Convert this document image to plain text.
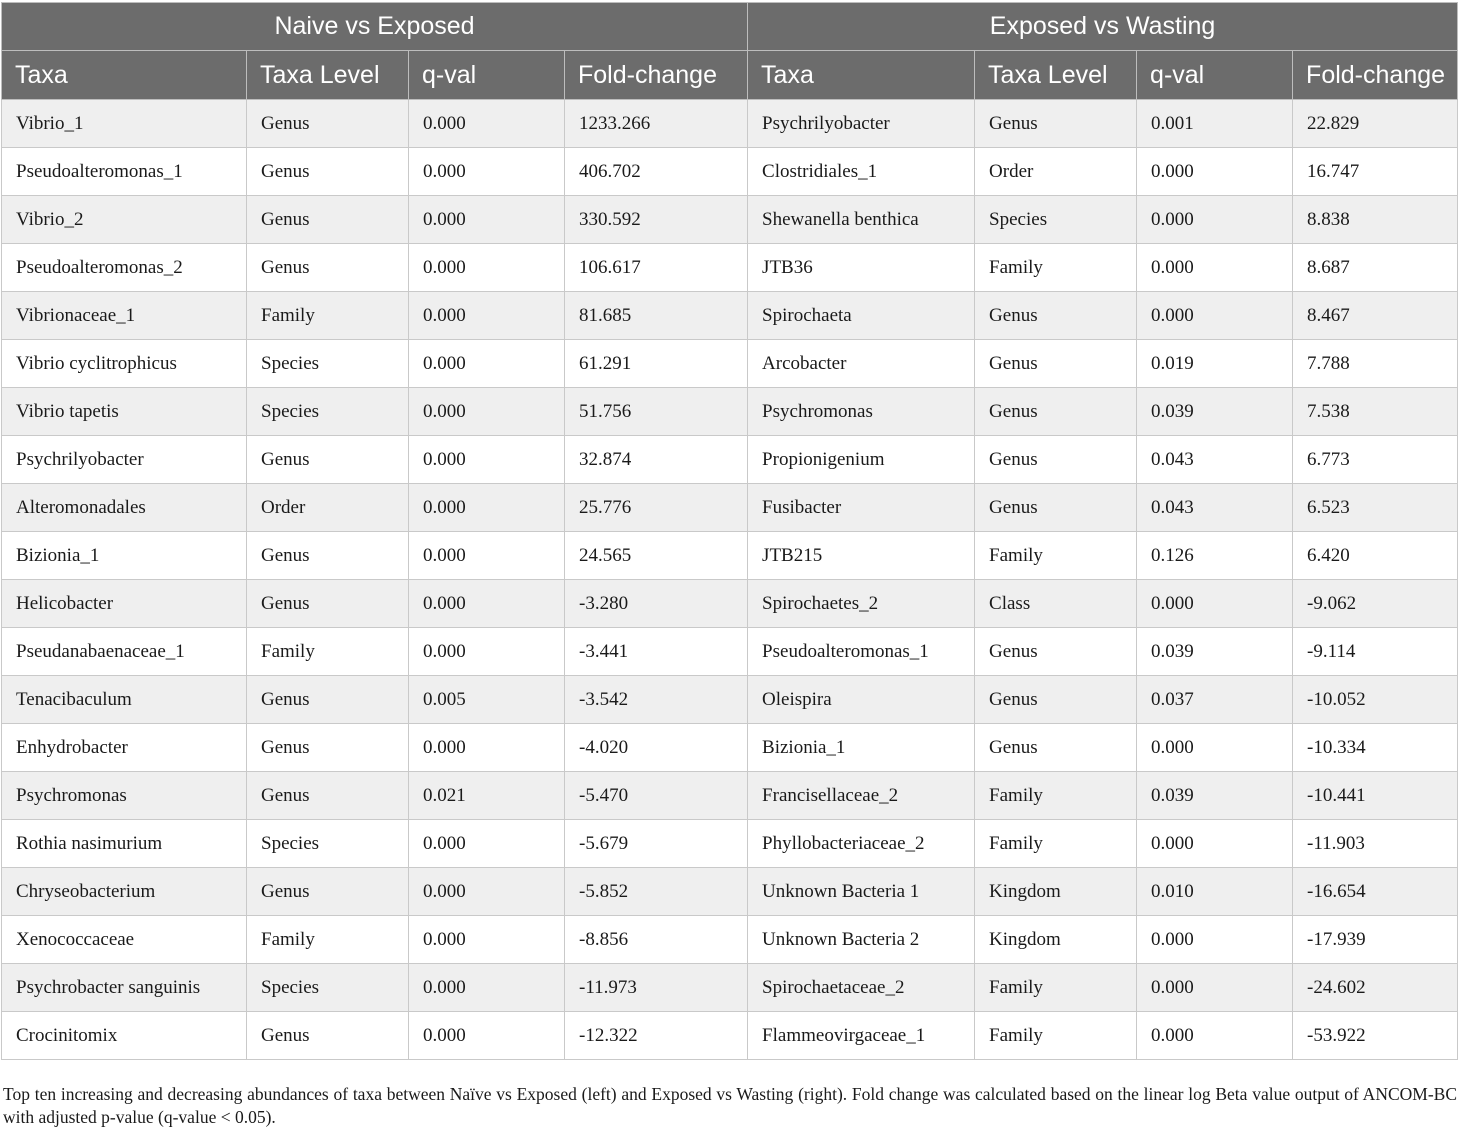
Naive vs Exposed				Exposed vs Wasting			
Taxa	Taxa Level	q-val	Fold-change	Taxa	Taxa Level	q-val	Fold-change
Vibrio_1	Genus	0.000	1233.266	Psychrilyobacter	Genus	0.001	22.829
Pseudoalteromonas_1	Genus	0.000	406.702	Clostridiales_1	Order	0.000	16.747
Vibrio_2	Genus	0.000	330.592	Shewanella benthica	Species	0.000	8.838
Pseudoalteromonas_2	Genus	0.000	106.617	JTB36	Family	0.000	8.687
Vibrionaceae_1	Family	0.000	81.685	Spirochaeta	Genus	0.000	8.467
Vibrio cyclitrophicus	Species	0.000	61.291	Arcobacter	Genus	0.019	7.788
Vibrio tapetis	Species	0.000	51.756	Psychromonas	Genus	0.039	7.538
Psychrilyobacter	Genus	0.000	32.874	Propionigenium	Genus	0.043	6.773
Alteromonadales	Order	0.000	25.776	Fusibacter	Genus	0.043	6.523
Bizionia_1	Genus	0.000	24.565	JTB215	Family	0.126	6.420
Helicobacter	Genus	0.000	-3.280	Spirochaetes_2	Class	0.000	-9.062
Pseudanabaenaceae_1	Family	0.000	-3.441	Pseudoalteromonas_1	Genus	0.039	-9.114
Tenacibaculum	Genus	0.005	-3.542	Oleispira	Genus	0.037	-10.052
Enhydrobacter	Genus	0.000	-4.020	Bizionia_1	Genus	0.000	-10.334
Psychromonas	Genus	0.021	-5.470	Francisellaceae_2	Family	0.039	-10.441
Rothia nasimurium	Species	0.000	-5.679	Phyllobacteriaceae_2	Family	0.000	-11.903
Chryseobacterium	Genus	0.000	-5.852	Unknown Bacteria 1	Kingdom	0.010	-16.654
Xenococcaceae	Family	0.000	-8.856	Unknown Bacteria 2	Kingdom	0.000	-17.939
Psychrobacter sanguinis	Species	0.000	-11.973	Spirochaetaceae_2	Family	0.000	-24.602
Crocinitomix	Genus	0.000	-12.322	Flammeovirgaceae_1	Family	0.000	-53.922
Top ten increasing and decreasing abundances of taxa between Naïve vs Exposed (left) and Exposed vs Wasting (right). Fold change was calculated based on the linear log Beta value output of ANCOM-BC with adjusted p-value (q-value < 0.05).
